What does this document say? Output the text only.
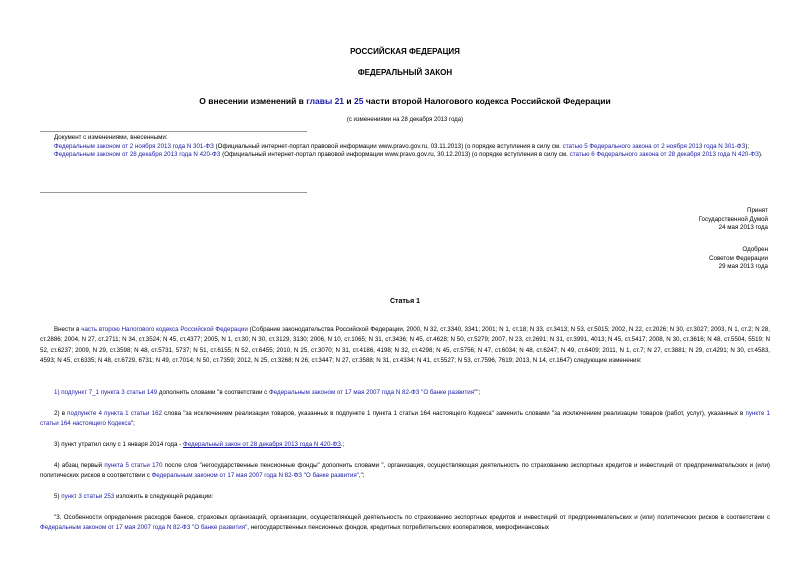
РОССИЙСКАЯ ФЕДЕРАЦИЯ
ФЕДЕРАЛЬНЫЙ ЗАКОН
О внесении изменений в главы 21 и 25 части второй Налогового кодекса Российской Федерации
(с изменениями на 28 декабря 2013 года)
Документ с изменениями, внесенными:
Федеральным законом от 2 ноября 2013 года N 301-ФЗ (Официальный интернет-портал правовой информации www.pravo.gov.ru, 03.11.2013) (о порядке вступления в силу см. статью 5 Федерального закона от 2 ноября 2013 года N 301-ФЗ);
Федеральным законом от 28 декабря 2013 года N 420-ФЗ (Официальный интернет-портал правовой информации www.pravo.gov.ru, 30.12.2013) (о порядке вступления в силу см. статью 6 Федерального закона от 28 декабря 2013 года N 420-ФЗ).
Принят
Государственной Думой
24 мая 2013 года
Одобрен
Советом Федерации
29 мая 2013 года
Статья 1
Внести в часть второю Налогового кодекса Российской Федерации (Собрание законодательства Российской Федерации, 2000, N 32, ст.3340, 3341; 2001; N 1, ст.18; N 33, ст.3413; N 53, ст.5015; 2002, N 22, ст.2026; N 30, ст.3027; 2003, N 1, ст.2; N 28, ст.2886; 2004, N 27, ст.2711; N 34, ст.3524; N 45, ст.4377; 2005, N 1, ст.30; N 30, ст.3129, 3130; 2006, N 10, ст.1065; N 31, ст.3436; N 45, ст.4628; N 50, ст.5279; 2007, N 23, ст.2691; N 31, ст.3991, 4013; N 45, ст.5417; 2008, N 30, ст.3616; N 48, ст.5504, 5519; N 52, ст.6237; 2009, N 29, ст.3598; N 48, ст.5731, 5737; N 51, ст.6155; N 52, ст.6455; 2010, N 25, ст.3070; N 31, ст.4186, 4198; N 32, ст.4298; N 45, ст.5756; N 47, ст.6034; N 48, ст.6247; N 49, ст.6409; 2011, N 1, ст.7; N 27, ст.3881; N 29, ст.4291; N 30, ст.4583, 4593; N 45, ст.6335; N 48, ст.6729, 6731; N 49, ст.7014; N 50, ст.7359; 2012, N 25, ст.3268; N 26, ст.3447; N 27, ст.3588; N 31, ст.4334; N 41, ст.5527; N 53, ст.7596, 7619; 2013, N 14, ст.1647) следующие изменения:
1) подпункт 7_1 пункта 3 статьи 149 дополнить словами "в соответствии с Федеральным законом от 17 мая 2007 года N 82-ФЗ "О банке развития"";
2) в подпункте 4 пункта 1 статьи 162 слова "за исключением реализации товаров, указанных в подпункте 1 пункта 1 статьи 164 настоящего Кодекса" заменить словами "за исключением реализации товаров (работ, услуг), указанных в пункте 1 статьи 164 настоящего Кодекса";
3) пункт утратил силу с 1 января 2014 года - Федеральный закон от 28 декабря 2013 года N 420-ФЗ.;
4) абзац первый пункта 5 статьи 170 после слов "негосударственные пенсионные фонды" дополнить словами ", организация, осуществляющая деятельность по страхованию экспортных кредитов и инвестиций от предпринимательских и (или) политических рисков в соответствии с Федеральным законом от 17 мая 2007 года N 82-ФЗ "О банке развития",";
5) пункт 3 статьи 253 изложить в следующей редакции:
"3. Особенности определения расходов банков, страховых организаций, организации, осуществляющей деятельность по страхованию экспортных кредитов и инвестиций от предпринимательских и (или) политических рисков в соответствии с Федеральным законом от 17 мая 2007 года N 82-ФЗ "О банке развития", негосударственных пенсионных фондов, кредитных потребительских кооперативов, микрофинансовых
